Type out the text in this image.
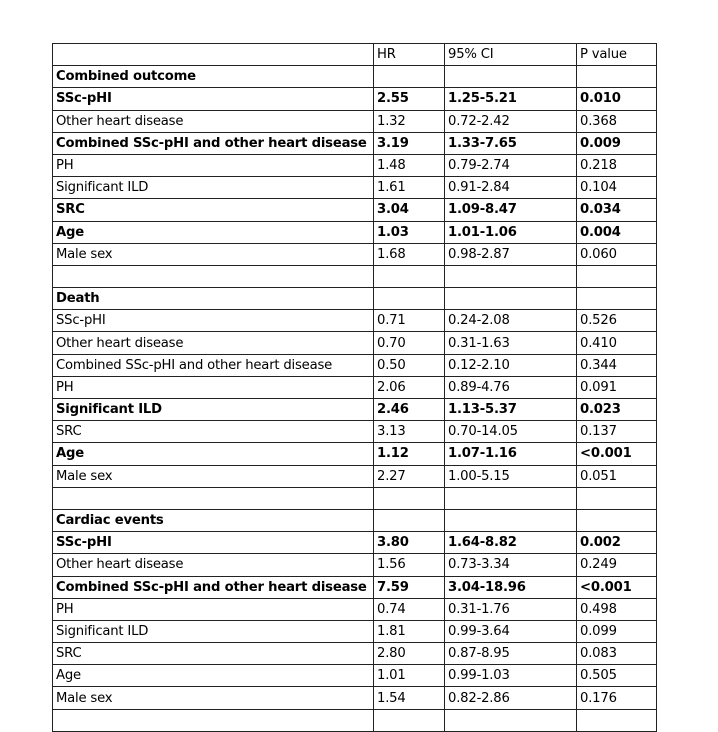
	HR	95% CI	P value
Combined outcome			
SSc-pHI	2.55	1.25-5.21	0.010
Other heart disease	1.32	0.72-2.42	0.368
Combined SSc-pHI and other heart disease	3.19	1.33-7.65	0.009
PH	1.48	0.79-2.74	0.218
Significant ILD	1.61	0.91-2.84	0.104
SRC	3.04	1.09-8.47	0.034
Age	1.03	1.01-1.06	0.004
Male sex	1.68	0.98-2.87	0.060

Death			
SSc-pHI	0.71	0.24-2.08	0.526
Other heart disease	0.70	0.31-1.63	0.410
Combined SSc-pHI and other heart disease	0.50	0.12-2.10	0.344
PH	2.06	0.89-4.76	0.091
Significant ILD	2.46	1.13-5.37	0.023
SRC	3.13	0.70-14.05	0.137
Age	1.12	1.07-1.16	<0.001
Male sex	2.27	1.00-5.15	0.051

Cardiac events			
SSc-pHI	3.80	1.64-8.82	0.002
Other heart disease	1.56	0.73-3.34	0.249
Combined SSc-pHI and other heart disease	7.59	3.04-18.96	<0.001
PH	0.74	0.31-1.76	0.498
Significant ILD	1.81	0.99-3.64	0.099
SRC	2.80	0.87-8.95	0.083
Age	1.01	0.99-1.03	0.505
Male sex	1.54	0.82-2.86	0.176
